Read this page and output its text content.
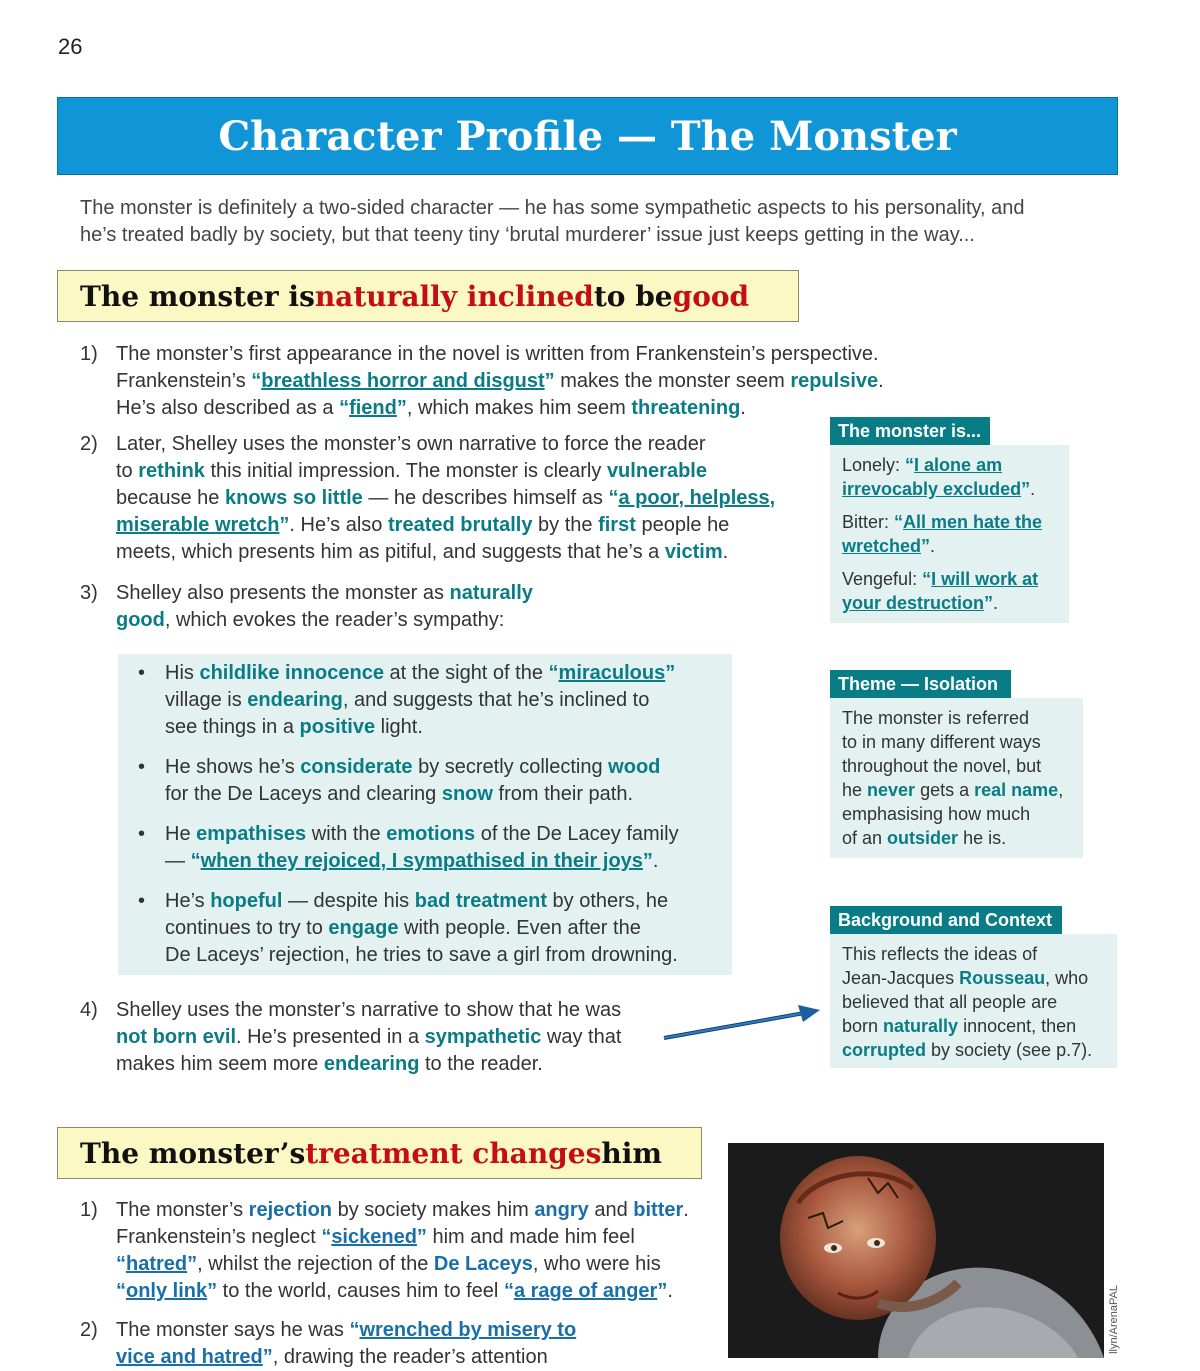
26
Character Profile — The Monster
The monster is definitely a two-sided character — he has some sympathetic aspects to his personality, and
he’s treated badly by society, but that teeny tiny ‘brutal murderer’ issue just keeps getting in the way...
The monster is naturally inclined to be good
1) The monster’s first appearance in the novel is written from Frankenstein’s perspective.
Frankenstein’s “breathless horror and disgust” makes the monster seem repulsive.
He’s also described as a “fiend”, which makes him seem threatening.
2) Later, Shelley uses the monster’s own narrative to force the reader
to rethink this initial impression. The monster is clearly vulnerable
because he knows so little — he describes himself as “a poor, helpless,
miserable wretch”. He’s also treated brutally by the first people he
meets, which presents him as pitiful, and suggests that he’s a victim.
3) Shelley also presents the monster as naturally
good, which evokes the reader’s sympathy:
• His childlike innocence at the sight of the “miraculous”
village is endearing, and suggests that he’s inclined to
see things in a positive light.
• He shows he’s considerate by secretly collecting wood
for the De Laceys and clearing snow from their path.
• He empathises with the emotions of the De Lacey family
— “when they rejoiced, I sympathised in their joys”.
• He’s hopeful — despite his bad treatment by others, he
continues to try to engage with people. Even after the
De Laceys’ rejection, he tries to save a girl from drowning.
4) Shelley uses the monster’s narrative to show that he was
not born evil. He’s presented in a sympathetic way that
makes him seem more endearing to the reader.
The monster is...

Lonely: “I alone am
irrevocably excluded”.

Bitter: “All men hate the
wretched”.

Vengeful: “I will work at
your destruction”.

Theme — Isolation
The monster is referred
to in many different ways
throughout the novel, but
he never gets a real name,
emphasising how much
of an outsider he is.
Background and Context
This reflects the ideas of
Jean-Jacques Rousseau, who
believed that all people are
born naturally innocent, then
corrupted by society (see p.7).
The monster’s treatment changes him
1) The monster’s rejection by society makes him angry and bitter.
Frankenstein’s neglect “sickened” him and made him feel
“hatred”, whilst the rejection of the De Laceys, who were his
“only link” to the world, causes him to feel “a rage of anger”.
2) The monster says he was “wrenched by misery to
vice and hatred”, drawing the reader’s attention
llyn/ArenaPAL
